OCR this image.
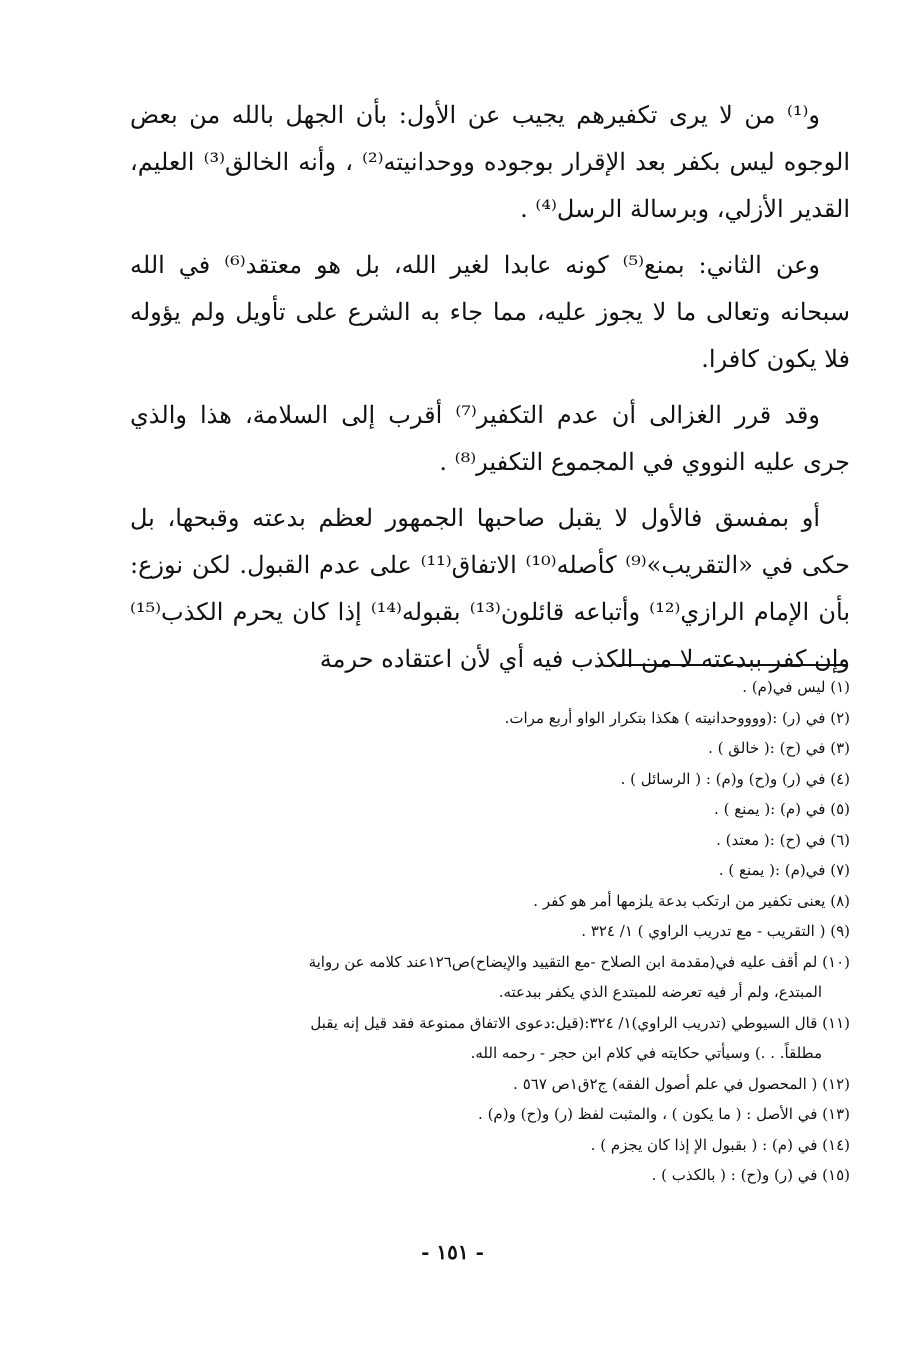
و⁽¹⁾ من لا يرى تكفيرهم يجيب عن الأول: بأن الجهل بالله من بعض الوجوه ليس بكفر بعد الإقرار بوجوده ووحدانيته⁽²⁾ ، وأنه الخالق⁽³⁾ العليم، القدير الأزلي، وبرسالة الرسل⁽⁴⁾ .

وعن الثاني: بمنع⁽⁵⁾ كونه عابدا لغير الله، بل هو معتقد⁽⁶⁾ في الله سبحانه وتعالى ما لا يجوز عليه، مما جاء به الشرع على تأويل ولم يؤوله فلا يكون كافرا.

وقد قرر الغزالى أن عدم التكفير⁽⁷⁾ أقرب إلى السلامة، هذا والذي جرى عليه النووي في المجموع التكفير⁽⁸⁾ .

أو بمفسق فالأول لا يقبل صاحبها الجمهور لعظم بدعته وقبحها، بل حكى في «التقريب»⁽⁹⁾ كأصله⁽¹⁰⁾ الاتفاق⁽¹¹⁾ على عدم القبول. لكن نوزع: بأن الإمام الرازي⁽¹²⁾ وأتباعه قائلون⁽¹³⁾ بقبوله⁽¹⁴⁾ إذا كان يحرم الكذب⁽¹⁵⁾ وإن كفر ببدعته لا من الكذب فيه أي لأن اعتقاده حرمة

(١) ليس في(م) .
(٢) في (ر) :(ووووحدانيته ) هكذا بتكرار الواو أربع مرات.
(٣) في (ح) :( خالق ) .
(٤) في (ر) و(ح) و(م) : ( الرسائل ) .
(٥) في (م) :( يمنع ) .
(٦) في (ح) :( معتد) .
(٧) في(م) :( يمنع ) .
(٨) يعنى تكفير من ارتكب بدعة يلزمها أمر هو كفر .
(٩) ( التقريب - مع تدريب الراوي ) ١/ ٣٢٤ .
(١٠) لم أقف عليه في(مقدمة ابن الصلاح -مع التقييد والإيضاح)ص١٢٦عند كلامه عن رواية
المبتدع، ولم أر فيه تعرضه للمبتدع الذي يكفر ببدعته.
(١١) قال السيوطي (تدريب الراوي)١/ ٣٢٤:(قيل:دعوى الاتفاق ممنوعة فقد قيل إنه يقبل
مطلقاً. . .) وسيأتي حكايته في كلام ابن حجر - رحمه الله.
(١٢) ( المحصول في علم أصول الفقه) ج٢ق١ص ٥٦٧ .
(١٣) في الأصل : ( ما يكون ) ، والمثبت لفظ (ر) و(ح) و(م) .
(١٤) في (م) : ( بقبول الإ إذا كان يجزم ) .
(١٥) في (ر) و(ح) : ( بالكذب ) .
- ١٥١ -
